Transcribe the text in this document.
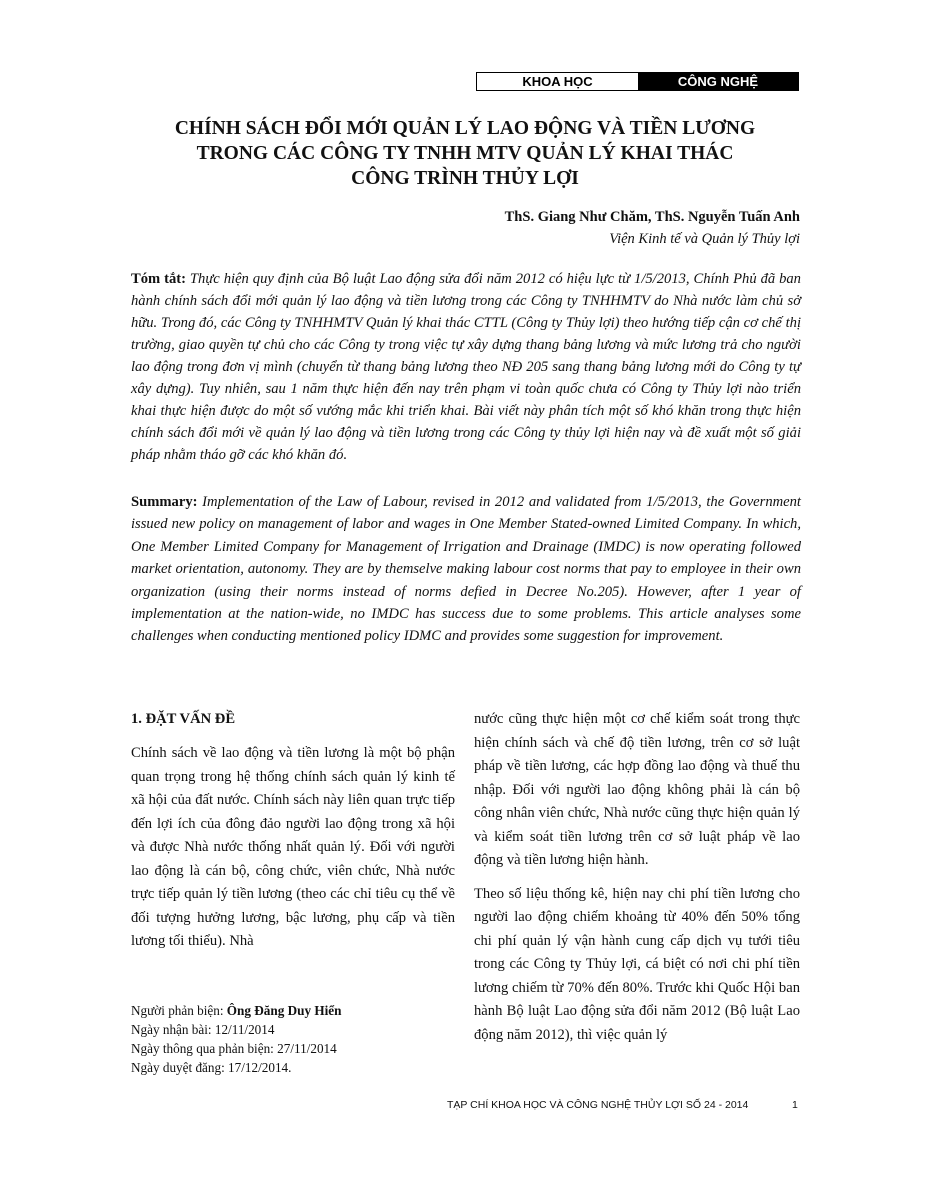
KHOA HỌC	CÔNG NGHỆ
CHÍNH SÁCH ĐỔI MỚI QUẢN LÝ LAO ĐỘNG VÀ TIỀN LƯƠNG
TRONG CÁC CÔNG TY TNHH MTV QUẢN LÝ KHAI THÁC
CÔNG TRÌNH THỦY LỢI
ThS. Giang Như Chăm, ThS. Nguyễn Tuấn Anh
Viện Kinh tế và Quản lý Thủy lợi
Tóm tắt: Thực hiện quy định của Bộ luật Lao động sửa đổi năm 2012 có hiệu lực từ 1/5/2013, Chính Phủ đã ban hành chính sách đổi mới quản lý lao động và tiền lương trong các Công ty TNHHMTV do Nhà nước làm chủ sở hữu. Trong đó, các Công ty TNHHMTV Quản lý khai thác CTTL (Công ty Thủy lợi) theo hướng tiếp cận cơ chế thị trường, giao quyền tự chủ cho các Công ty trong việc tự xây dựng thang bảng lương và mức lương trả cho người lao động trong đơn vị mình (chuyển từ thang bảng lương theo NĐ 205 sang thang bảng lương mới do Công ty tự xây dựng). Tuy nhiên, sau 1 năm thực hiện đến nay trên phạm vi toàn quốc chưa có Công ty Thủy lợi nào triển khai thực hiện được do một số vướng mắc khi triển khai. Bài viết này phân tích một số khó khăn trong thực hiện chính sách đổi mới về quản lý lao động và tiền lương trong các Công ty thủy lợi hiện nay và đề xuất một số giải pháp nhằm tháo gỡ các khó khăn đó.
Summary: Implementation of the Law of Labour, revised in 2012 and validated from 1/5/2013, the Government issued new policy on management of labor and wages in One Member Stated-owned Limited Company. In which, One Member Limited Company for Management of Irrigation and Drainage (IMDC) is now operating followed market orientation, autonomy. They are by themselve making labour cost norms that pay to employee in their own organization (using their norms instead of norms defied in Decree No.205). However, after 1 year of implementation at the nation-wide, no IMDC has success due to some problems. This article analyses some challenges when conducting mentioned policy IDMC and provides some suggestion for improvement.
1. ĐẶT VẤN ĐỀ
Chính sách về lao động và tiền lương là một bộ phận quan trọng trong hệ thống chính sách quản lý kinh tế xã hội của đất nước. Chính sách này liên quan trực tiếp đến lợi ích của đông đảo người lao động trong xã hội và được Nhà nước thống nhất quản lý. Đối với người lao động là cán bộ, công chức, viên chức, Nhà nước trực tiếp quản lý tiền lương (theo các chỉ tiêu cụ thể về đối tượng hưởng lương, bậc lương, phụ cấp và tiền lương tối thiểu). Nhà
nước cũng thực hiện một cơ chế kiểm soát trong thực hiện chính sách và chế độ tiền lương, trên cơ sở luật pháp về tiền lương, các hợp đồng lao động và thuế thu nhập. Đối với người lao động không phải là cán bộ công nhân viên chức, Nhà nước cũng thực hiện quản lý và kiểm soát tiền lương trên cơ sở luật pháp về lao động và tiền lương hiện hành.
Theo số liệu thống kê, hiện nay chi phí tiền lương cho người lao động chiếm khoảng từ 40% đến 50% tổng chi phí quản lý vận hành cung cấp dịch vụ tưới tiêu trong các Công ty Thủy lợi, cá biệt có nơi chi phí tiền lương chiếm từ 70% đến 80%. Trước khi Quốc Hội ban hành Bộ luật Lao động sửa đổi năm 2012 (Bộ luật Lao động năm 2012), thì việc quản lý
Người phản biện: Ông Đăng Duy Hiển
Ngày nhận bài: 12/11/2014
Ngày thông qua phản biện: 27/11/2014
Ngày duyệt đăng: 17/12/2014.
TẠP CHÍ KHOA HỌC VÀ CÔNG NGHỆ THỦY LỢI SỐ 24 - 2014	1
